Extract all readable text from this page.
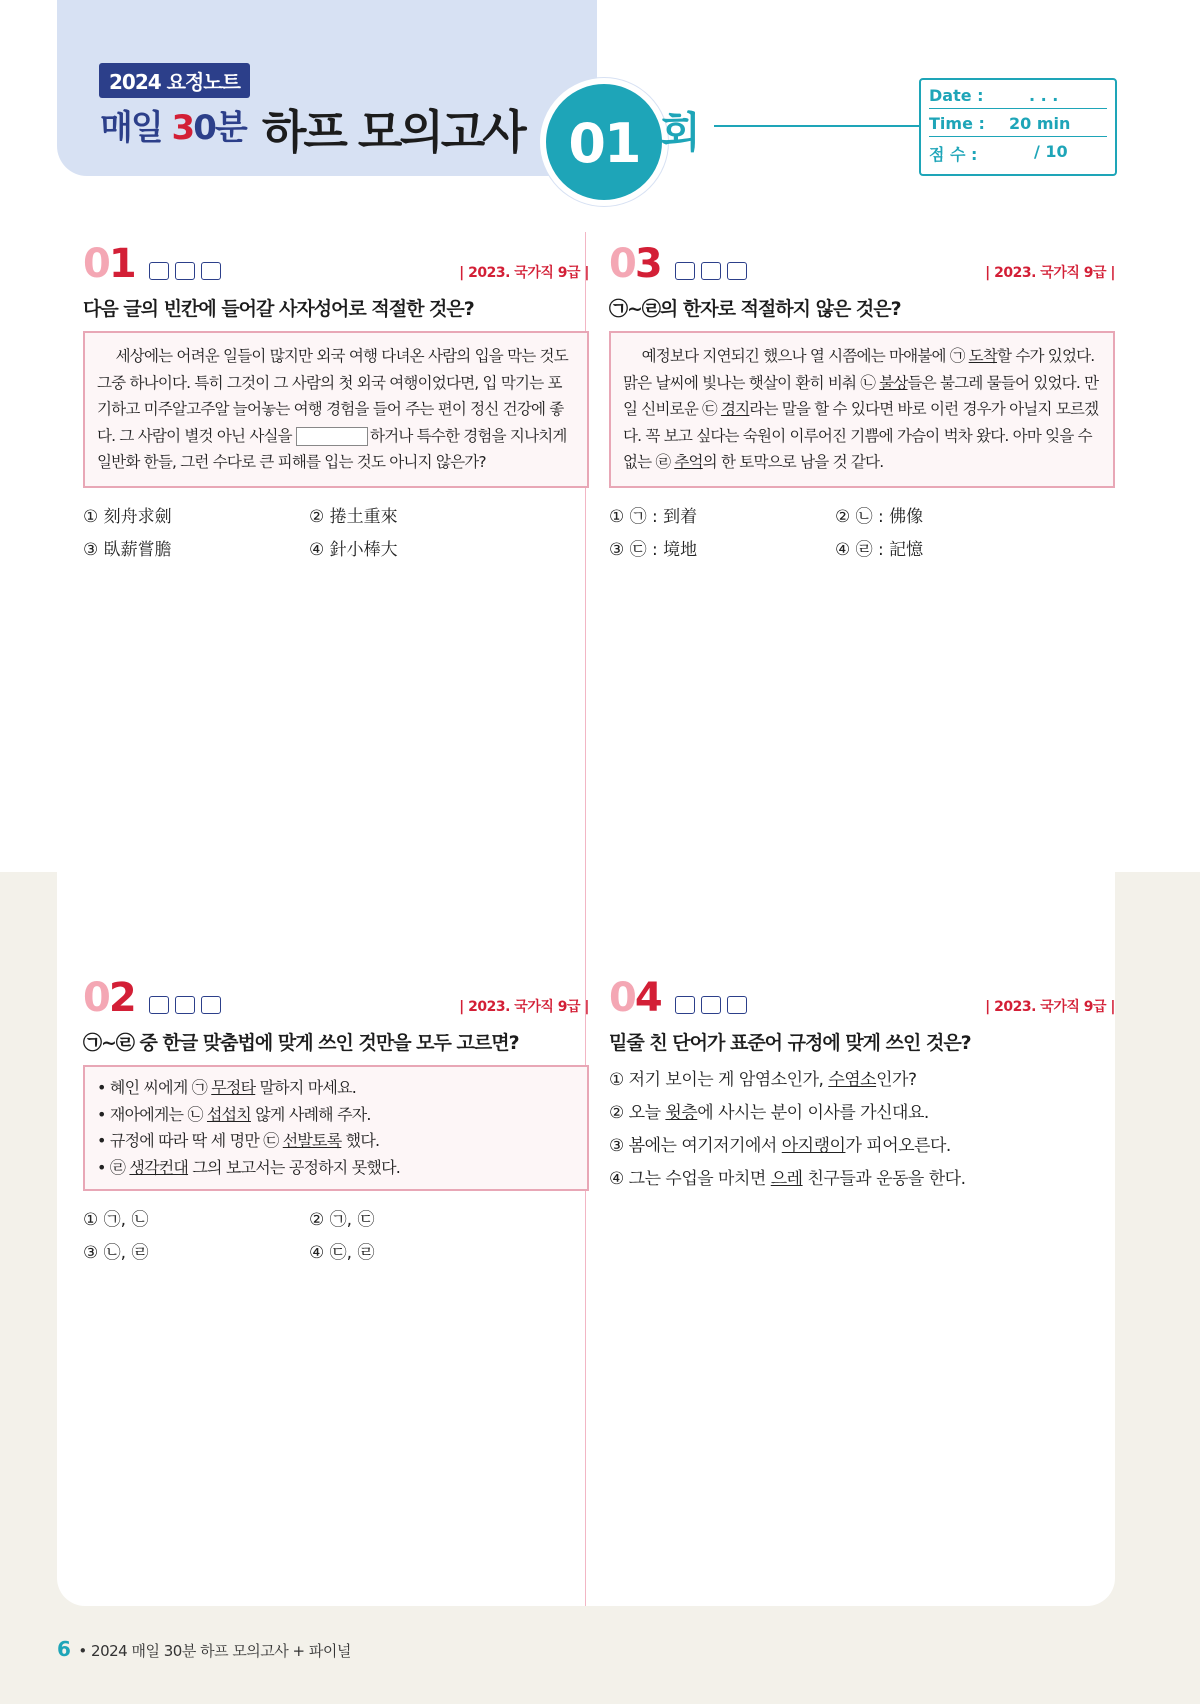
2024 요정노트
매일 30분 하프 모의고사 01 회
Date :	. . .
Time : 20 min
점 수 :	/ 10
01	| 2023. 국가직 9급 |
다음 글의 빈칸에 들어갈 사자성어로 적절한 것은?

세상에는 어려운 일들이 많지만 외국 여행 다녀온 사람의 입을 막는 것도 그중 하나이다. 특히 그것이 그 사람의 첫 외국 여행이었다면, 입 막기는 포기하고 미주알고주알 늘어놓는 여행 경험을 들어 주는 편이 정신 건강에 좋다. 그 사람이 별것 아닌 사실을	하거나 특수한 경험을 지나치게 일반화 한들, 그런 수다로 큰 피해를 입는 것도 아니지 않은가?

① 刻舟求劍	② 捲土重來
③ 臥薪嘗膽	④ 針小棒大
02	| 2023. 국가직 9급 |
㉠~㉣ 중 한글 맞춤법에 맞게 쓰인 것만을 모두 고르면?
• 혜인 씨에게 ㉠ 무정타 말하지 마세요.
• 재아에게는 ㉡ 섭섭치 않게 사례해 주자.
• 규정에 따라 딱 세 명만 ㉢ 선발토록 했다.
• ㉣ 생각컨대 그의 보고서는 공정하지 못했다.
① ㉠, ㉡	② ㉠, ㉢
③ ㉡, ㉣	④ ㉢, ㉣
03	| 2023. 국가직 9급 |
㉠~㉣의 한자로 적절하지 않은 것은?

예정보다 지연되긴 했으나 열 시쯤에는 마애불에 ㉠ 도착할 수가 있었다. 맑은 날씨에 빛나는 햇살이 환히 비춰 ㉡ 불상들은 불그레 물들어 있었다. 만일 신비로운 ㉢ 경지라는 말을 할 수 있다면 바로 이런 경우가 아닐지 모르겠다. 꼭 보고 싶다는 숙원이 이루어진 기쁨에 가슴이 벅차 왔다. 아마 잊을 수 없는 ㉣ 추억의 한 토막으로 남을 것 같다.

① ㉠ : 到着	② ㉡ : 佛像
③ ㉢ : 境地	④ ㉣ : 記憶
04	| 2023. 국가직 9급 |
밑줄 친 단어가 표준어 규정에 맞게 쓰인 것은?
① 저기 보이는 게 암염소인가, 수염소인가?
② 오늘 윗층에 사시는 분이 이사를 가신대요.
③ 봄에는 여기저기에서 아지랭이가 피어오른다.
④ 그는 수업을 마치면 으레 친구들과 운동을 한다.
6 • 2024 매일 30분 하프 모의고사 + 파이널
